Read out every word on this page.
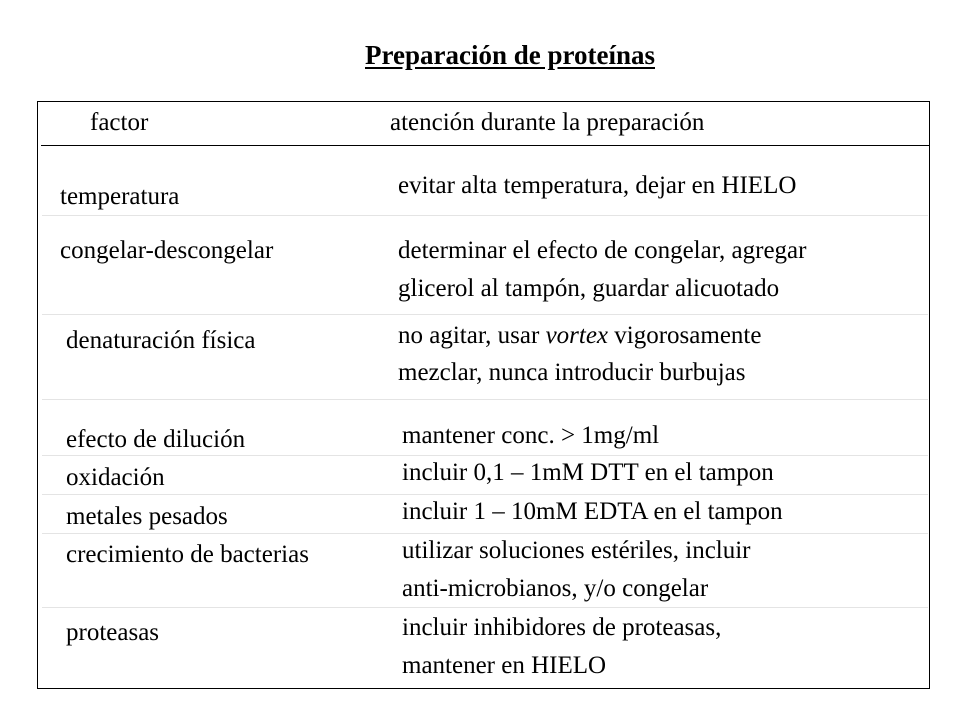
Preparación de proteínas
factor	atención durante la preparación
temperatura	evitar alta temperatura, dejar en HIELO
congelar-descongelar	determinar el efecto de congelar, agregar
glicerol al tampón, guardar alicuotado
denaturación física	no agitar, usar vortex vigorosamente
mezclar, nunca introducir burbujas
efecto de dilución	mantener conc. > 1mg/ml
oxidación	incluir 0,1 – 1mM DTT en el tampon
metales pesados	incluir 1 – 10mM EDTA en el tampon
crecimiento de bacterias	utilizar soluciones estériles, incluir
anti-microbianos, y/o congelar
proteasas	incluir inhibidores de proteasas,
mantener en HIELO
